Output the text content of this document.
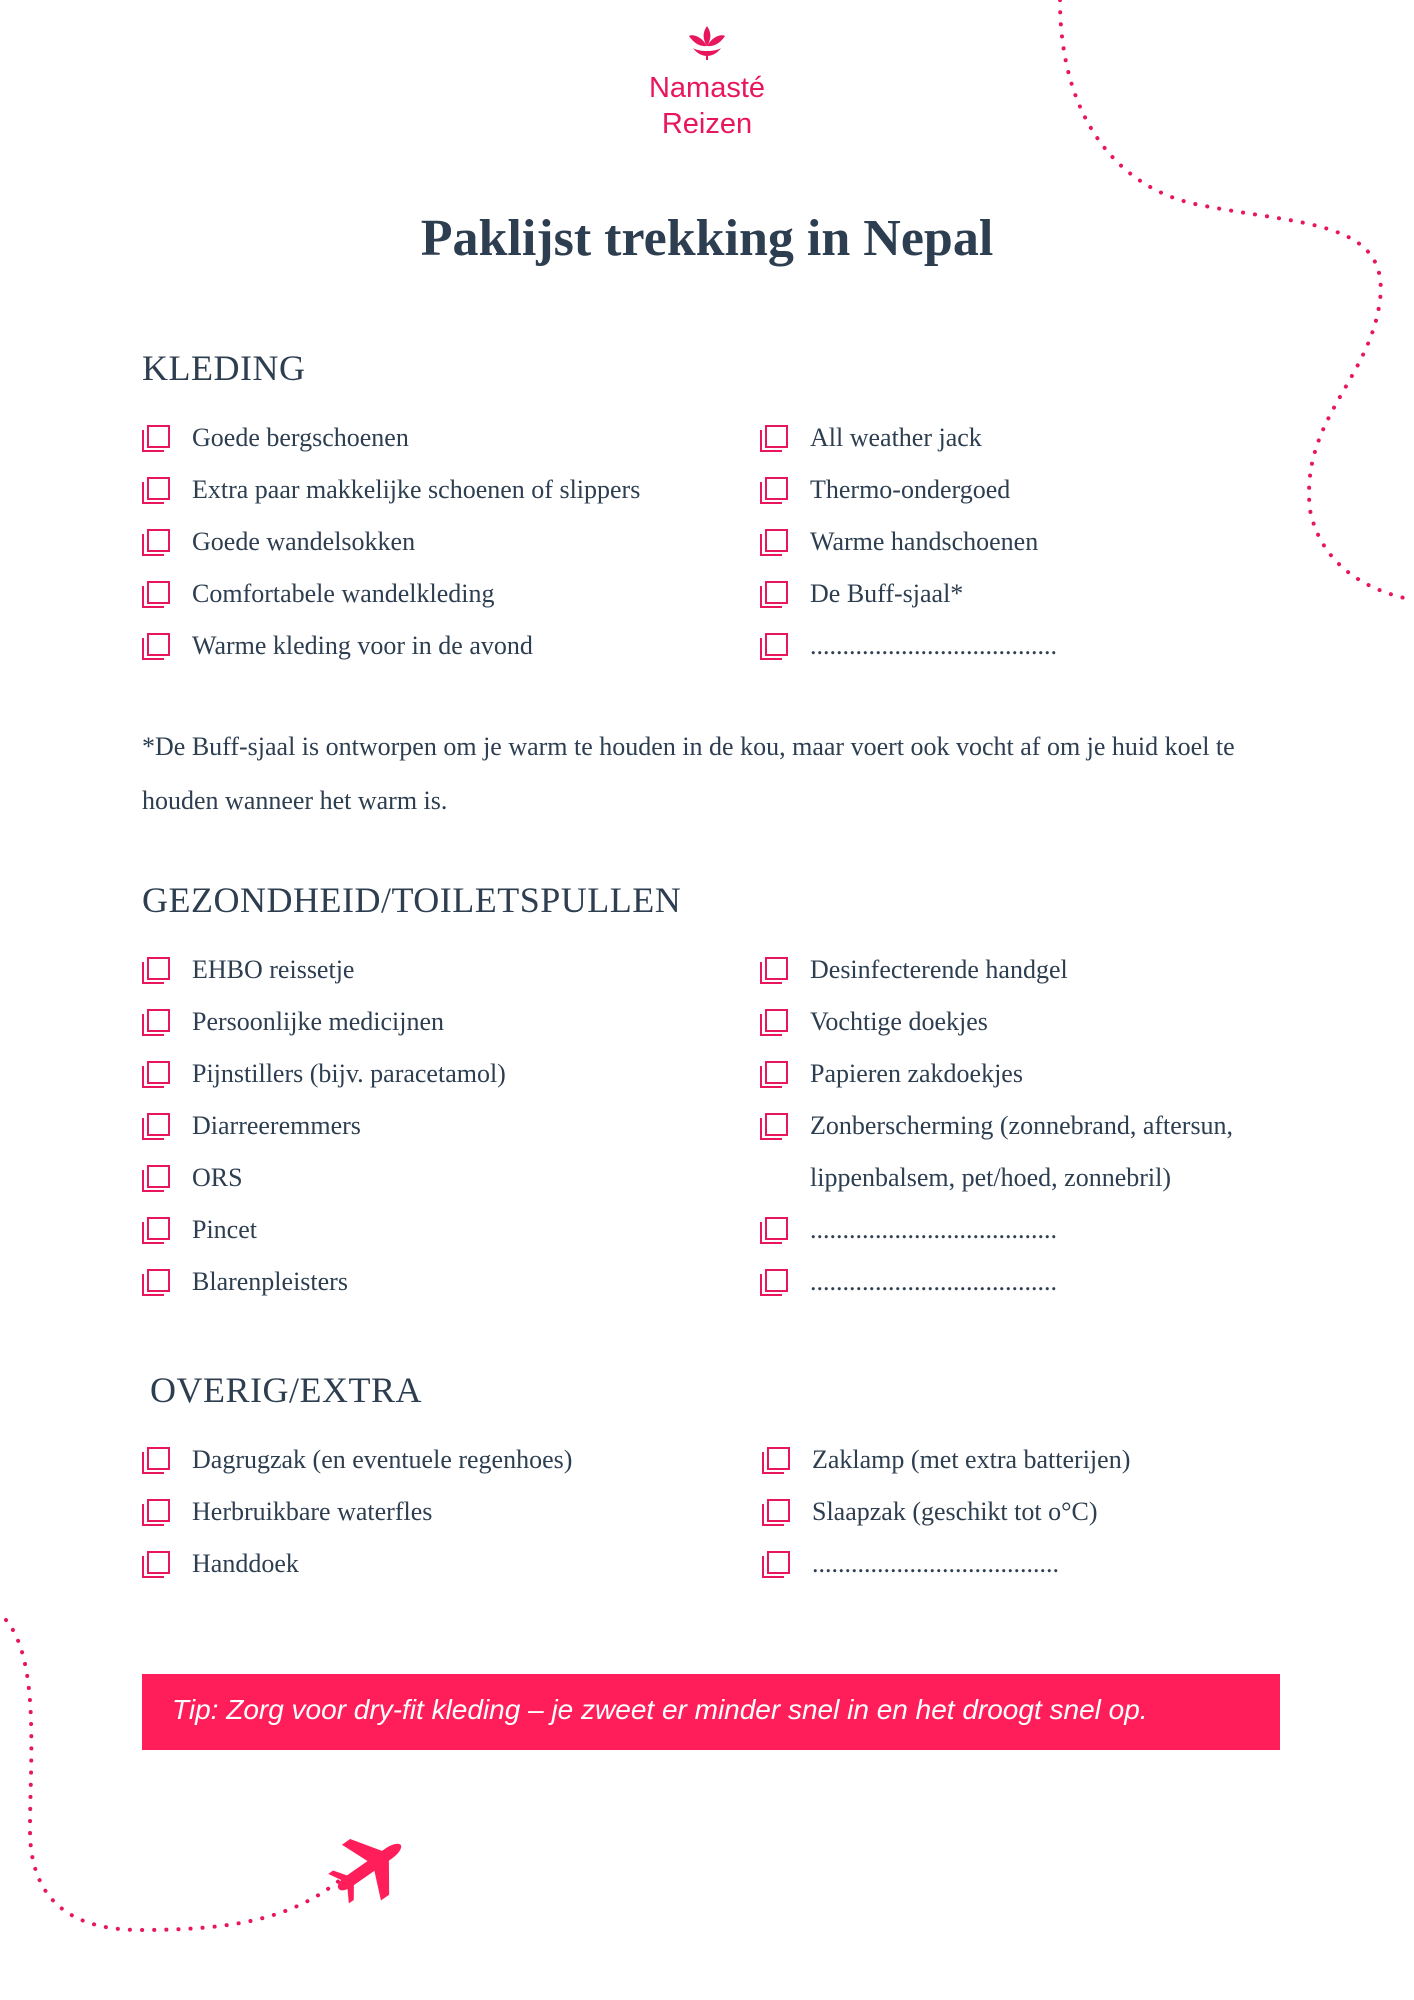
Namasté
Reizen
Paklijst trekking in Nepal
KLEDING
Goede bergschoenen
Extra paar makkelijke schoenen of slippers
Goede wandelsokken
Comfortabele wandelkleding
Warme kleding voor in de avond
All weather jack
Thermo-ondergoed
Warme handschoenen
De Buff-sjaal*
......................................

*De Buff-sjaal is ontworpen om je warm te houden in de kou, maar voert ook vocht af om je huid koel te houden wanneer het warm is.

GEZONDHEID/TOILETSPULLEN
EHBO reissetje
Persoonlijke medicijnen
Pijnstillers (bijv. paracetamol)
Diarreeremmers
ORS
Pincet
Blarenpleisters
Desinfecterende handgel
Vochtige doekjes
Papieren zakdoekjes
Zonberscherming (zonnebrand, aftersun, lippenbalsem, pet/hoed, zonnebril)
......................................
......................................
OVERIG/EXTRA
Dagrugzak (en eventuele regenhoes)
Herbruikbare waterfles
Handdoek
Zaklamp (met extra batterijen)
Slaapzak (geschikt tot o°C)
......................................
Tip: Zorg voor dry-fit kleding – je zweet er minder snel in en het droogt snel op.
